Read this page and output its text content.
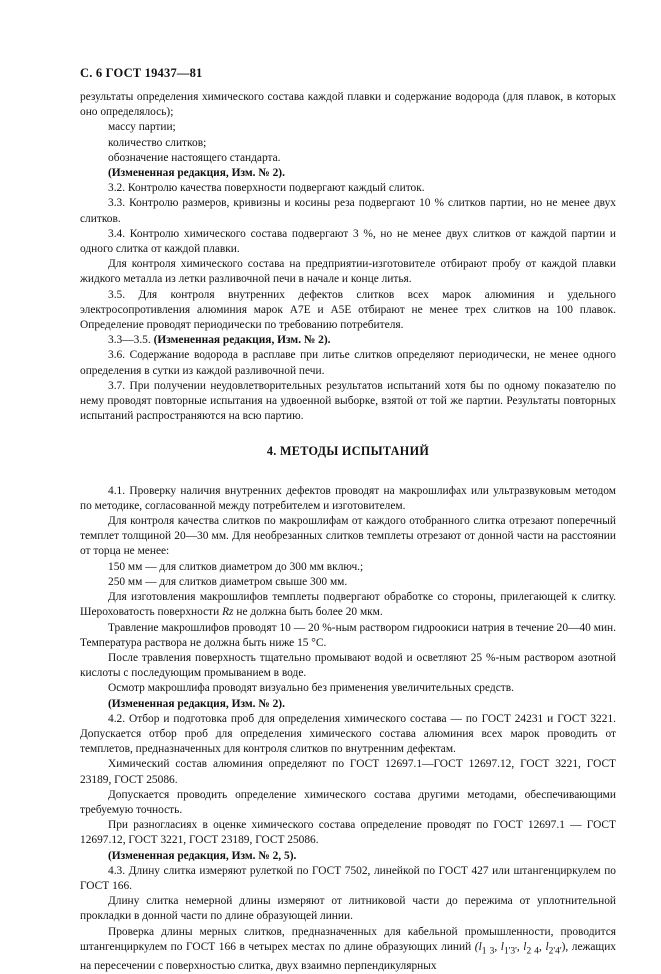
С. 6 ГОСТ 19437—81

результаты определения химического состава каждой плавки и содержание водорода (для плавок, в которых оно определялось);

массу партии;

количество слитков;

обозначение настоящего стандарта.

(Измененная редакция, Изм. № 2).

3.2. Контролю качества поверхности подвергают каждый слиток.

3.3. Контролю размеров, кривизны и косины реза подвергают 10 % слитков партии, но не менее двух слитков.

3.4. Контролю химического состава подвергают 3 %, но не менее двух слитков от каждой партии и одного слитка от каждой плавки.

Для контроля химического состава на предприятии-изготовителе отбирают пробу от каждой плавки жидкого металла из летки разливочной печи в начале и конце литья.

3.5. Для контроля внутренних дефектов слитков всех марок алюминия и удельного электросопротивления алюминия марок А7Е и А5Е отбирают не менее трех слитков на 100 плавок. Определение проводят периодически по требованию потребителя.

3.3—3.5. (Измененная редакция, Изм. № 2).

3.6. Содержание водорода в расплаве при литье слитков определяют периодически, не менее одного определения в сутки из каждой разливочной печи.

3.7. При получении неудовлетворительных результатов испытаний хотя бы по одному показателю по нему проводят повторные испытания на удвоенной выборке, взятой от той же партии. Результаты повторных испытаний распространяются на всю партию.

4. МЕТОДЫ ИСПЫТАНИЙ

4.1. Проверку наличия внутренних дефектов проводят на макрошлифах или ультразвуковым методом по методике, согласованной между потребителем и изготовителем.

Для контроля качества слитков по макрошлифам от каждого отобранного слитка отрезают поперечный темплет толщиной 20—30 мм. Для необрезанных слитков темплеты отрезают от донной части на расстоянии от торца не менее:

150 мм — для слитков диаметром до 300 мм включ.;

250 мм — для слитков диаметром свыше 300 мм.

Для изготовления макрошлифов темплеты подвергают обработке со стороны, прилегающей к слитку. Шероховатость поверхности Rz не должна быть более 20 мкм.

Травление макрошлифов проводят 10 — 20 %-ным раствором гидроокиси натрия в течение 20—40 мин. Температура раствора не должна быть ниже 15 °С.

После травления поверхность тщательно промывают водой и осветляют 25 %-ным раствором азотной кислоты с последующим промыванием в воде.

Осмотр макрошлифа проводят визуально без применения увеличительных средств.

(Измененная редакция, Изм. № 2).

4.2. Отбор и подготовка проб для определения химического состава — по ГОСТ 24231 и ГОСТ 3221. Допускается отбор проб для определения химического состава алюминия всех марок проводить от темплетов, предназначенных для контроля слитков по внутренним дефектам.

Химический состав алюминия определяют по ГОСТ 12697.1—ГОСТ 12697.12, ГОСТ 3221, ГОСТ 23189, ГОСТ 25086.

Допускается проводить определение химического состава другими методами, обеспечивающими требуемую точность.

При разногласиях в оценке химического состава определение проводят по ГОСТ 12697.1 — ГОСТ 12697.12, ГОСТ 3221, ГОСТ 23189, ГОСТ 25086.

(Измененная редакция, Изм. № 2, 5).

4.3. Длину слитка измеряют рулеткой по ГОСТ 7502, линейкой по ГОСТ 427 или штангенциркулем по ГОСТ 166.

Длину слитка немерной длины измеряют от литниковой части до пережима от уплотнительной прокладки в донной части по длине образующей линии.

Проверка длины мерных слитков, предназначенных для кабельной промышленности, проводится штангенциркулем по ГОСТ 166 в четырех местах по длине образующих линий ($l_{1 3}$, $l_{1'3'}$, $l_{2 4}$, $l_{2'4'}$), лежащих на пересечении с поверхностью слитка, двух взаимно перпендикулярных
